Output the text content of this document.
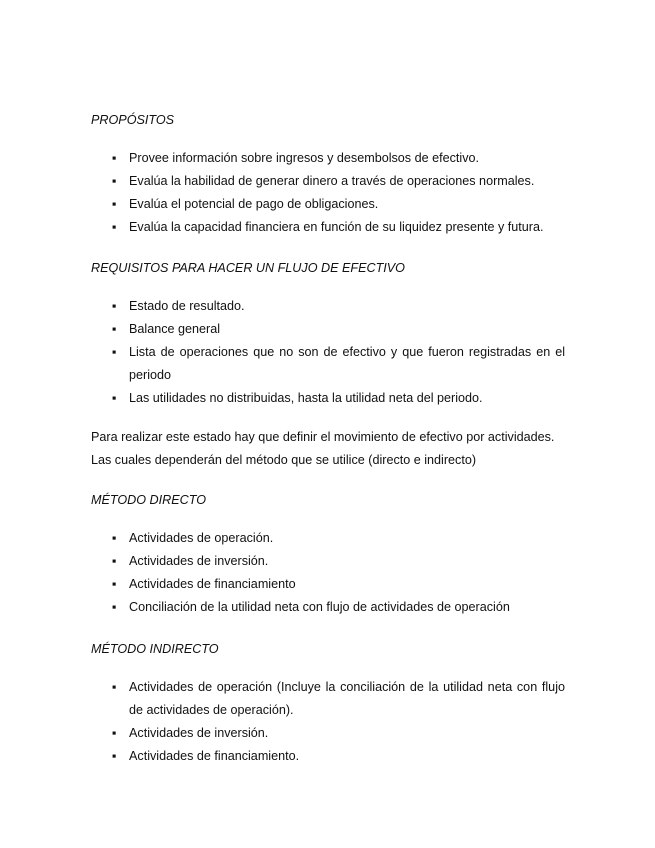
PROPÓSITOS
▪ Provee información sobre ingresos y desembolsos de efectivo.
▪ Evalúa la habilidad de generar dinero a través de operaciones normales.
▪ Evalúa el potencial de pago de obligaciones.
▪ Evalúa la capacidad financiera en función de su liquidez presente y futura.
REQUISITOS PARA HACER UN FLUJO DE EFECTIVO
▪ Estado de resultado.
▪ Balance general
▪ Lista de operaciones que no son de efectivo y que fueron registradas en el periodo
▪ Las utilidades no distribuidas, hasta la utilidad neta del periodo.
Para realizar este estado hay que definir el movimiento de efectivo por actividades.
Las cuales dependerán del método que se utilice (directo e indirecto)
MÉTODO DIRECTO
▪ Actividades de operación.
▪ Actividades de inversión.
▪ Actividades de financiamiento
▪ Conciliación de la utilidad neta con flujo de actividades de operación
MÉTODO INDIRECTO
▪ Actividades de operación (Incluye la conciliación de la utilidad neta con flujo de actividades de operación).
▪ Actividades de inversión.
▪ Actividades de financiamiento.
